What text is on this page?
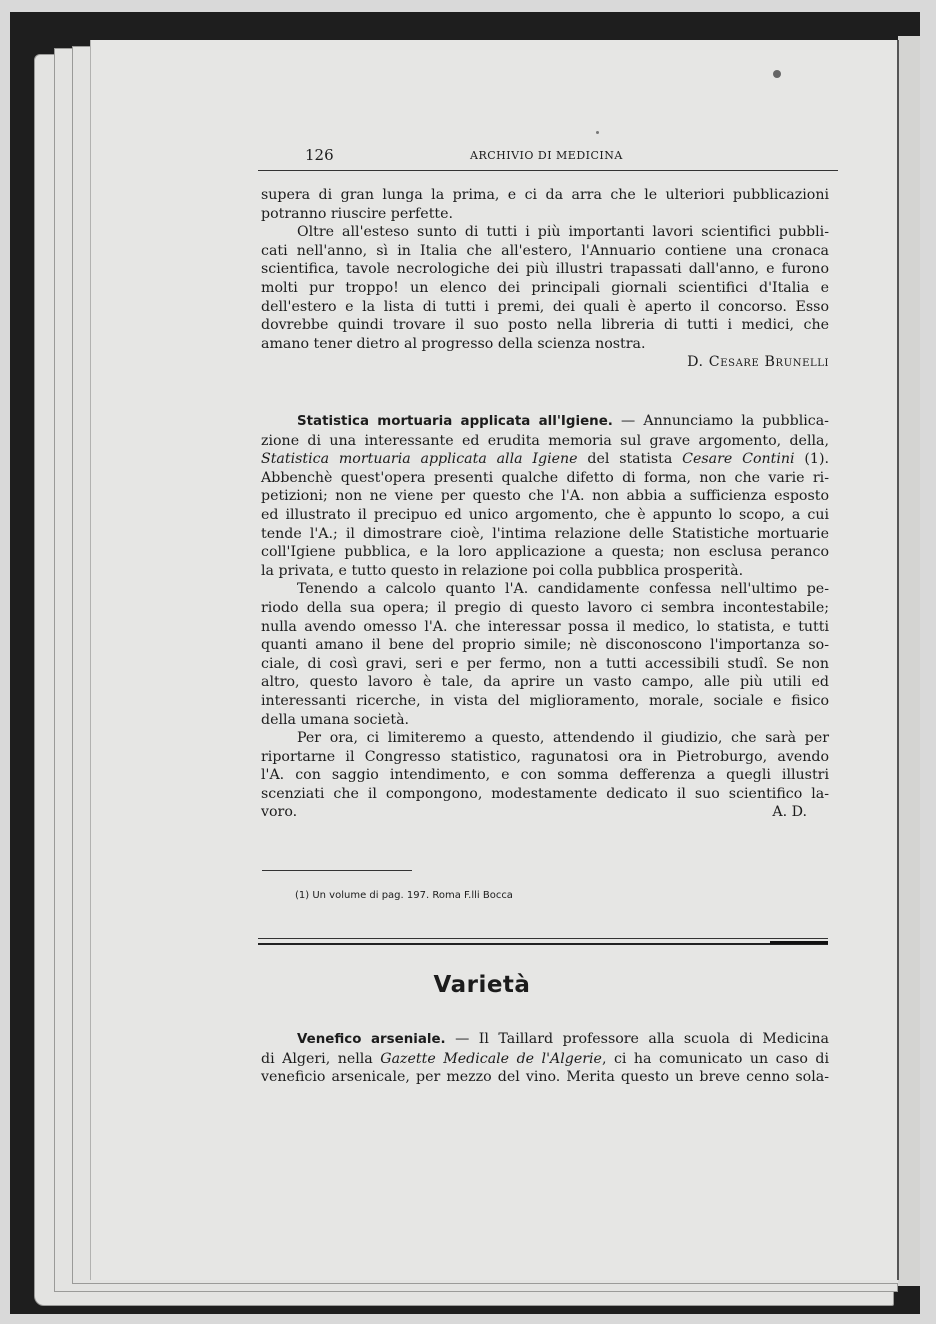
126	ARCHIVIO DI MEDICINA

supera di gran lunga la prima, e ci da arra che le ulteriori pubblicazioni

potranno riuscire perfette.

Oltre all'esteso sunto di tutti i più importanti lavori scientifici pubbli-

cati nell'anno, sì in Italia che all'estero, l'Annuario contiene una cronaca

scientifica, tavole necrologiche dei più illustri trapassati dall'anno, e furono

molti pur troppo! un elenco dei principali giornali scientifici d'Italia e

dell'estero e la lista di tutti i premi, dei quali è aperto il concorso. Esso

dovrebbe quindi trovare il suo posto nella libreria di tutti i medici, che

amano tener dietro al progresso della scienza nostra.

D. Cesare Brunelli

Statistica mortuaria applicata all'Igiene. — Annunciamo la pubblica-

zione di una interessante ed erudita memoria sul grave argomento, della,

Statistica mortuaria applicata alla Igiene del statista Cesare Contini (1).

Abbenchè quest'opera presenti qualche difetto di forma, non che varie ri-

petizioni; non ne viene per questo che l'A. non abbia a sufficienza esposto

ed illustrato il precipuo ed unico argomento, che è appunto lo scopo, a cui

tende l'A.; il dimostrare cioè, l'intima relazione delle Statistiche mortuarie

coll'Igiene pubblica, e la loro applicazione a questa; non esclusa peranco

la privata, e tutto questo in relazione poi colla pubblica prosperità.

Tenendo a calcolo quanto l'A. candidamente confessa nell'ultimo pe-

riodo della sua opera; il pregio di questo lavoro ci sembra incontestabile;

nulla avendo omesso l'A. che interessar possa il medico, lo statista, e tutti

quanti amano il bene del proprio simile; nè disconoscono l'importanza so-

ciale, di così gravi, seri e per fermo, non a tutti accessibili studî. Se non

altro, questo lavoro è tale, da aprire un vasto campo, alle più utili ed

interessanti ricerche, in vista del miglioramento, morale, sociale e fisico

della umana società.

Per ora, ci limiteremo a questo, attendendo il giudizio, che sarà per

riportarne il Congresso statistico, ragunatosi ora in Pietroburgo, avendo

l'A. con saggio intendimento, e con somma defferenza a quegli illustri

scenziati che il compongono, modestamente dedicato il suo scientifico la-

voro.	A. D.

(1) Un volume di pag. 197. Roma F.lli Bocca
Varietà

Venefico arseniale. — Il Taillard professore alla scuola di Medicina

di Algeri, nella Gazette Medicale de l'Algerie, ci ha comunicato un caso di

veneficio arsenicale, per mezzo del vino. Merita questo un breve cenno sola-
